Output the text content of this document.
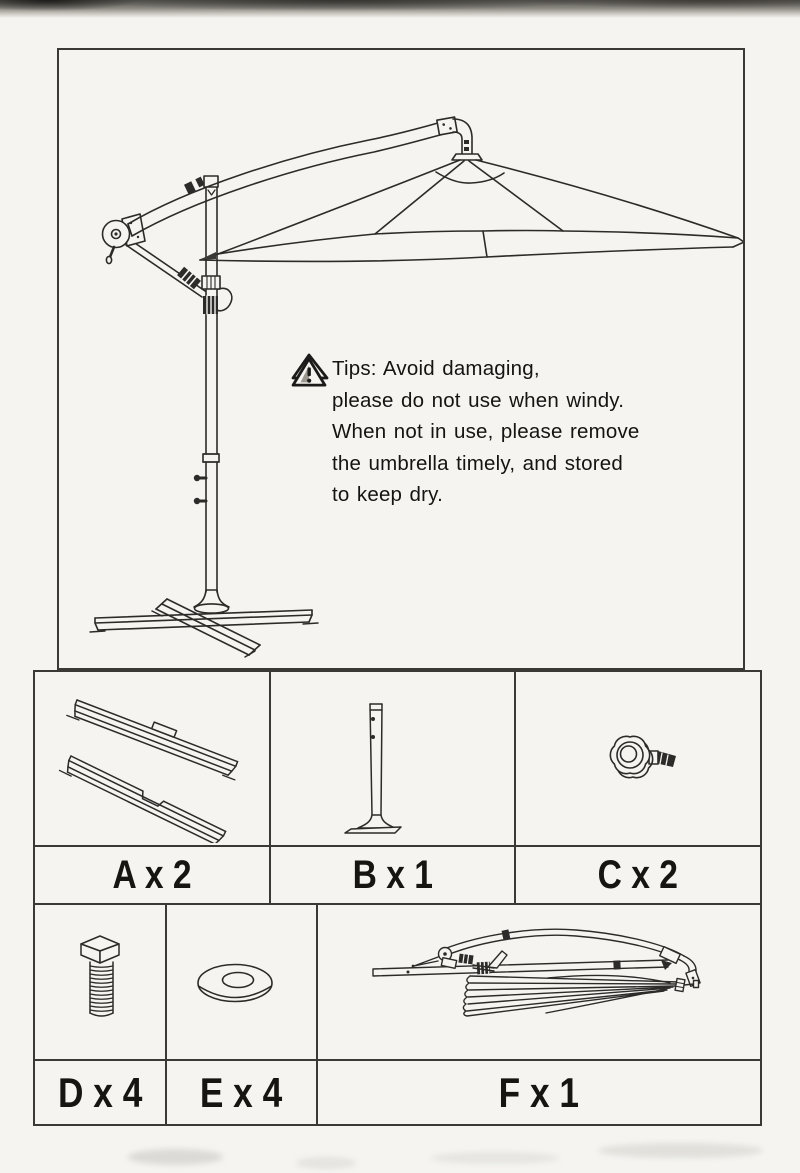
Tips: Avoid damaging,
please do not use when windy.
When not in use, please remove
the umbrella timely, and stored
to keep dry.
A x 2	B x 1	C x 2
D x 4 E x 4	F x 1
